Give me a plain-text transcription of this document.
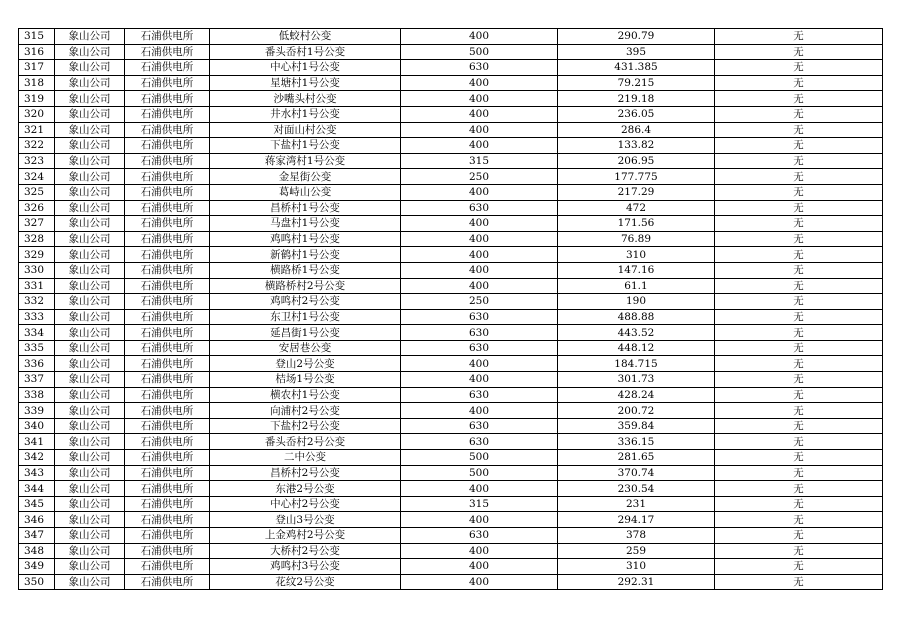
315	象山公司	石浦供电所	低蛟村公变	400	290.79	无
316	象山公司	石浦供电所	番头岙村1号公变	500	395	无
317	象山公司	石浦供电所	中心村1号公变	630	431.385	无
318	象山公司	石浦供电所	星塘村1号公变	400	79.215	无
319	象山公司	石浦供电所	沙嘴头村公变	400	219.18	无
320	象山公司	石浦供电所	井水村1号公变	400	236.05	无
321	象山公司	石浦供电所	对面山村公变	400	286.4	无
322	象山公司	石浦供电所	下盐村1号公变	400	133.82	无
323	象山公司	石浦供电所	蒋家湾村1号公变	315	206.95	无
324	象山公司	石浦供电所	金星街公变	250	177.775	无
325	象山公司	石浦供电所	葛峙山公变	400	217.29	无
326	象山公司	石浦供电所	昌桥村1号公变	630	472	无
327	象山公司	石浦供电所	马盘村1号公变	400	171.56	无
328	象山公司	石浦供电所	鸡鸣村1号公变	400	76.89	无
329	象山公司	石浦供电所	新鹤村1号公变	400	310	无
330	象山公司	石浦供电所	横路桥1号公变	400	147.16	无
331	象山公司	石浦供电所	横路桥村2号公变	400	61.1	无
332	象山公司	石浦供电所	鸡鸣村2号公变	250	190	无
333	象山公司	石浦供电所	东卫村1号公变	630	488.88	无
334	象山公司	石浦供电所	延昌街1号公变	630	443.52	无
335	象山公司	石浦供电所	安居巷公变	630	448.12	无
336	象山公司	石浦供电所	登山2号公变	400	184.715	无
337	象山公司	石浦供电所	桔场1号公变	400	301.73	无
338	象山公司	石浦供电所	横农村1号公变	630	428.24	无
339	象山公司	石浦供电所	向浦村2号公变	400	200.72	无
340	象山公司	石浦供电所	下盐村2号公变	630	359.84	无
341	象山公司	石浦供电所	番头岙村2号公变	630	336.15	无
342	象山公司	石浦供电所	二中公变	500	281.65	无
343	象山公司	石浦供电所	昌桥村2号公变	500	370.74	无
344	象山公司	石浦供电所	东港2号公变	400	230.54	无
345	象山公司	石浦供电所	中心村2号公变	315	231	无
346	象山公司	石浦供电所	登山3号公变	400	294.17	无
347	象山公司	石浦供电所	上金鸡村2号公变	630	378	无
348	象山公司	石浦供电所	大桥村2号公变	400	259	无
349	象山公司	石浦供电所	鸡鸣村3号公变	400	310	无
350	象山公司	石浦供电所	花纹2号公变	400	292.31	无
